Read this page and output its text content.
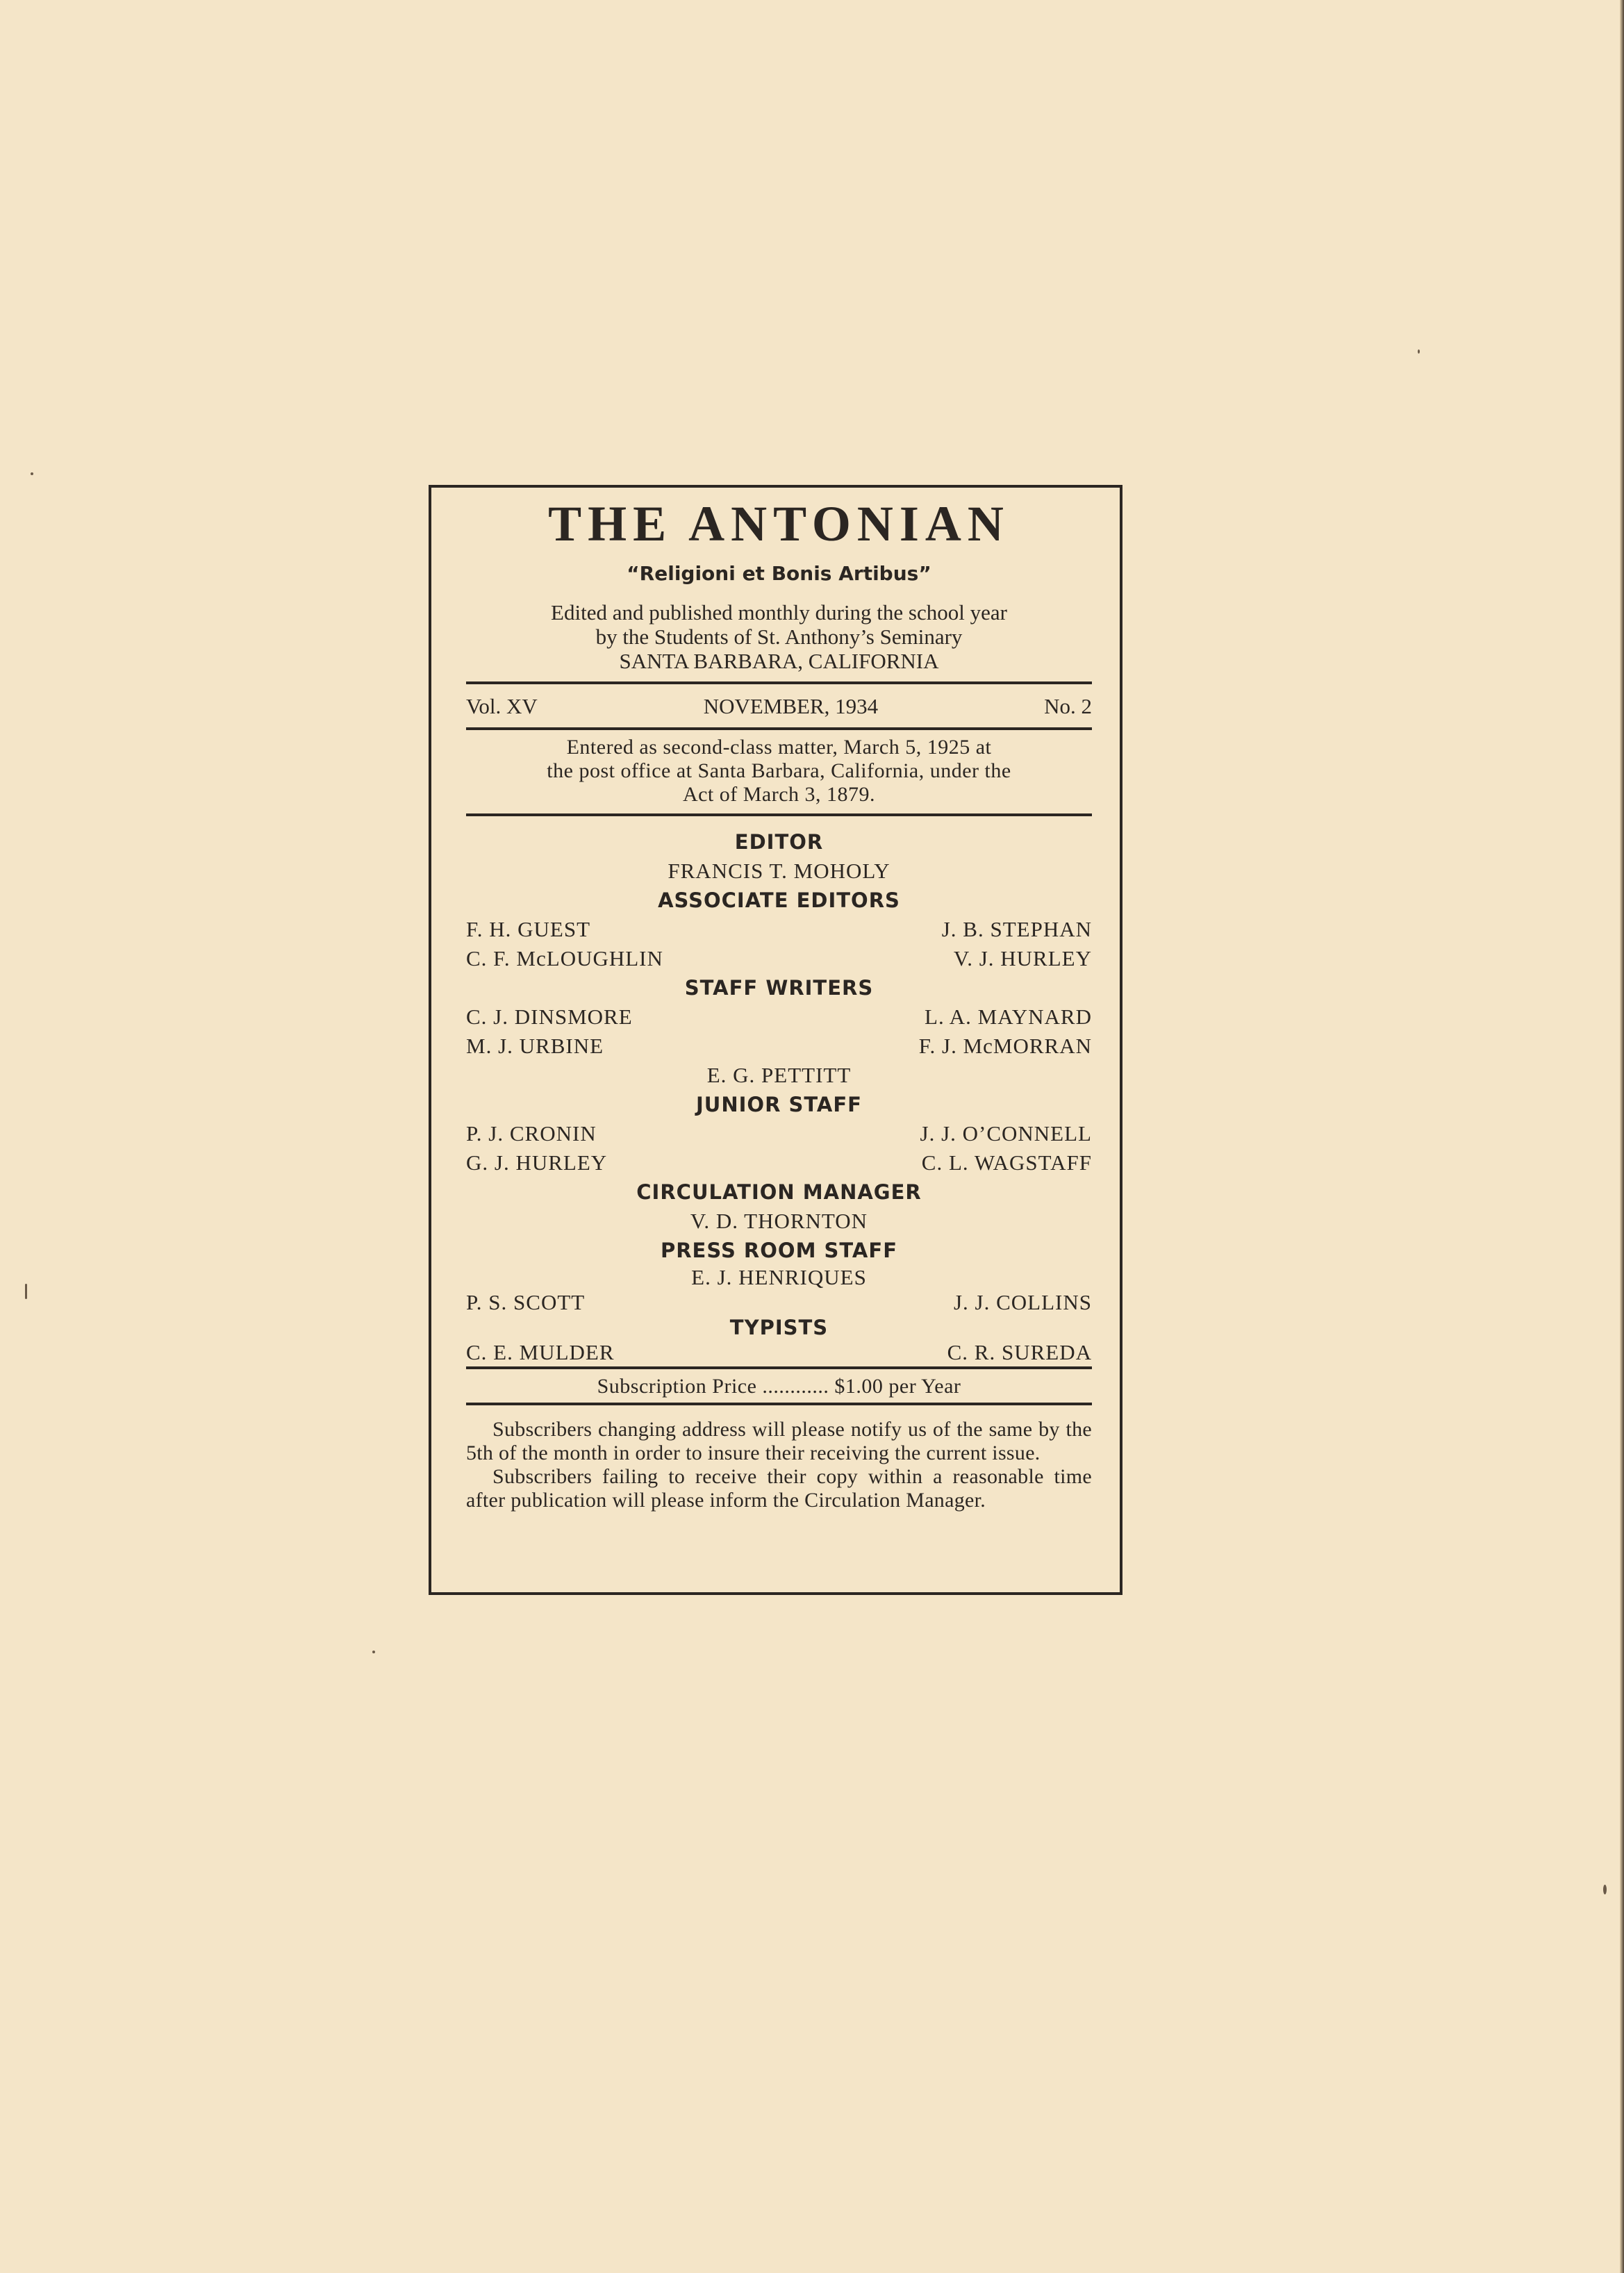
THE ANTONIAN
“Religioni et Bonis Artibus”
Edited and published monthly during the school year
by the Students of St. Anthony’s Seminary
SANTA BARBARA, CALIFORNIA
Vol. XV	NOVEMBER, 1934	No. 2
Entered as second-class matter, March 5, 1925 at
the post office at Santa Barbara, California, under the
Act of March 3, 1879.
EDITOR
FRANCIS T. MOHOLY
ASSOCIATE EDITORS
F. H. GUEST	J. B. STEPHAN
C. F. McLOUGHLIN	V. J. HURLEY
STAFF WRITERS
C. J. DINSMORE	L. A. MAYNARD
M. J. URBINE	F. J. McMORRAN
E. G. PETTITT
JUNIOR STAFF
P. J. CRONIN	J. J. O’CONNELL
G. J. HURLEY	C. L. WAGSTAFF
CIRCULATION MANAGER
V. D. THORNTON
PRESS ROOM STAFF
E. J. HENRIQUES
P. S. SCOTT	J. J. COLLINS
TYPISTS
C. E. MULDER	C. R. SUREDA
Subscription Price ............ $1.00 per Year

Subscribers changing address will please notify us of the same by the 5th of the month in order to insure their receiving the current issue.

Subscribers failing to receive their copy within a reasonable time after publication will please inform the Circulation Manager.
